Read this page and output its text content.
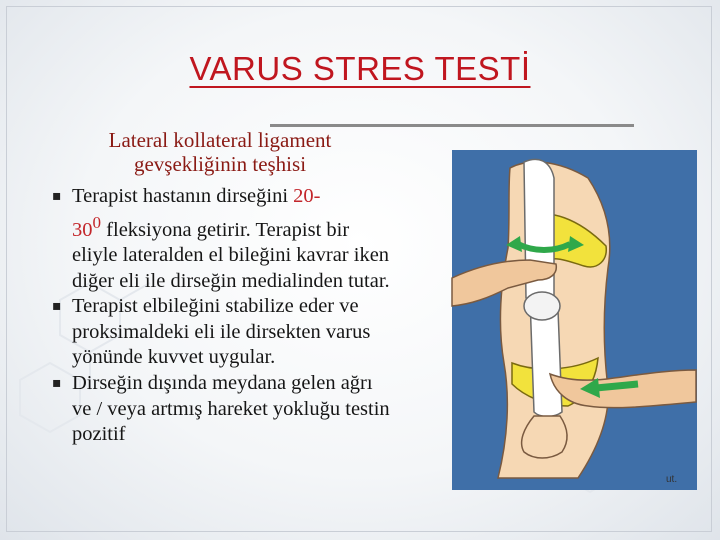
VARUS STRES TESTİ

Lateral kollateral ligament
gevşekliğinin teşhisi

▪ Terapist hastanın dirseğini 20-
$30^0$ fleksiyona getirir. Terapist bir eliyle lateralden el bileğini kavrar iken diğer eli ile dirseğin medialinden tutar.
▪ Terapist elbileğini stabilize eder ve proksimaldeki eli ile dirsekten varus yönünde kuvvet uygular.
▪ Dirseğin dışında meydana gelen ağrı ve / veya artmış hareket yokluğu testin pozitif
ut.
